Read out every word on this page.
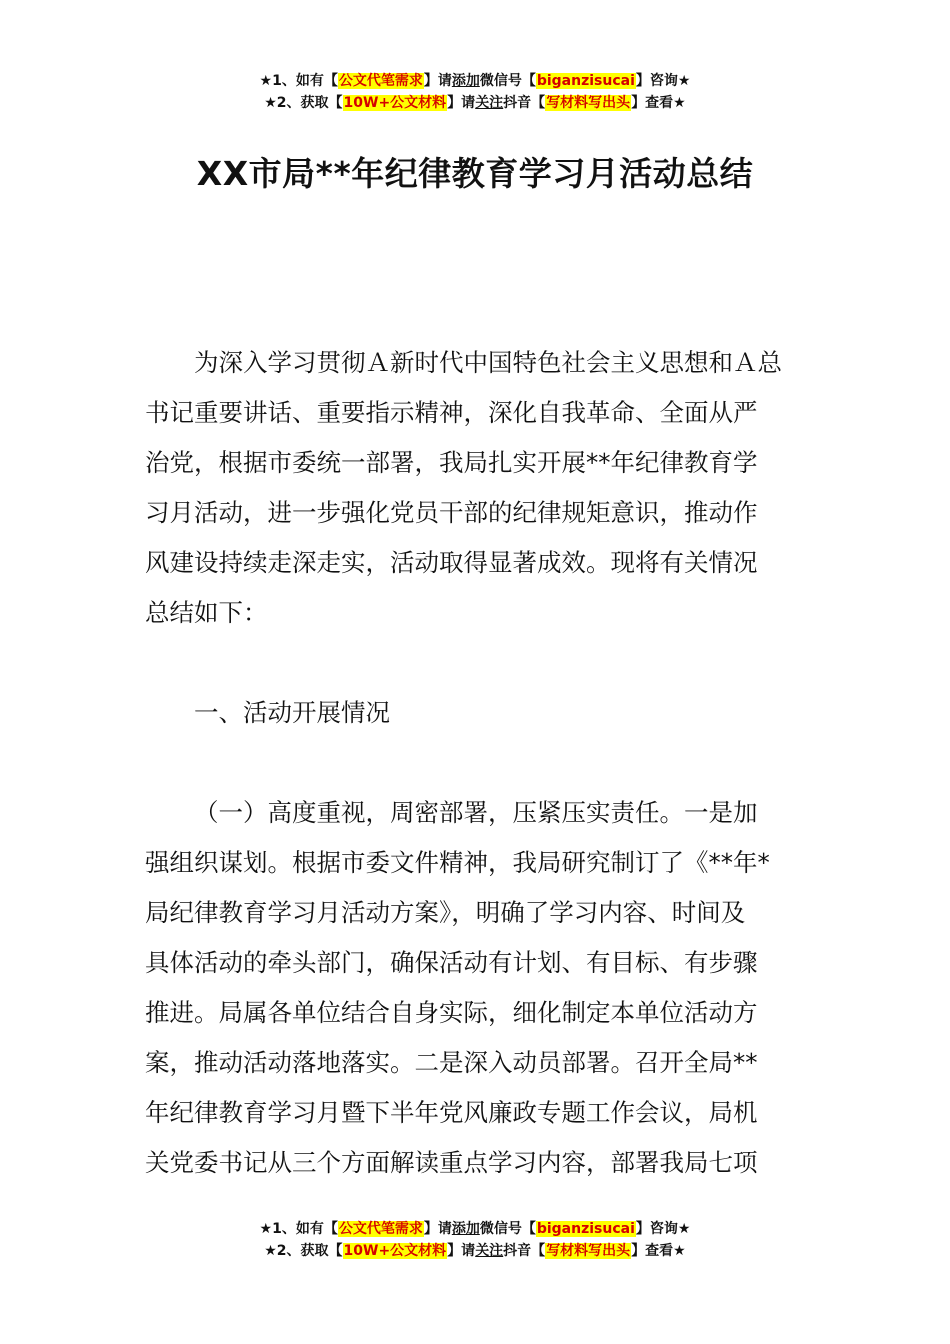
★1、如有【公文代笔需求】请添加微信号【biganzisucai】咨询★
★2、获取【10W+公文材料】请关注抖音【写材料写出头】查看★
XX市局**年纪律教育学习月活动总结
为深入学习贯彻Ａ新时代中国特色社会主义思想和Ａ总
书记重要讲话、重要指示精神，深化自我革命、全面从严
治党，根据市委统一部署，我局扎实开展**年纪律教育学
习月活动，进一步强化党员干部的纪律规矩意识，推动作
风建设持续走深走实，活动取得显著成效。现将有关情况
总结如下：
一、活动开展情况
（一）高度重视，周密部署，压紧压实责任。一是加
强组织谋划。根据市委文件精神，我局研究制订了《**年*
局纪律教育学习月活动方案》，明确了学习内容、时间及
具体活动的牵头部门，确保活动有计划、有目标、有步骤
推进。局属各单位结合自身实际，细化制定本单位活动方
案，推动活动落地落实。二是深入动员部署。召开全局**
年纪律教育学习月暨下半年党风廉政专题工作会议，局机
关党委书记从三个方面解读重点学习内容，部署我局七项
★1、如有【公文代笔需求】请添加微信号【biganzisucai】咨询★
★2、获取【10W+公文材料】请关注抖音【写材料写出头】查看★
